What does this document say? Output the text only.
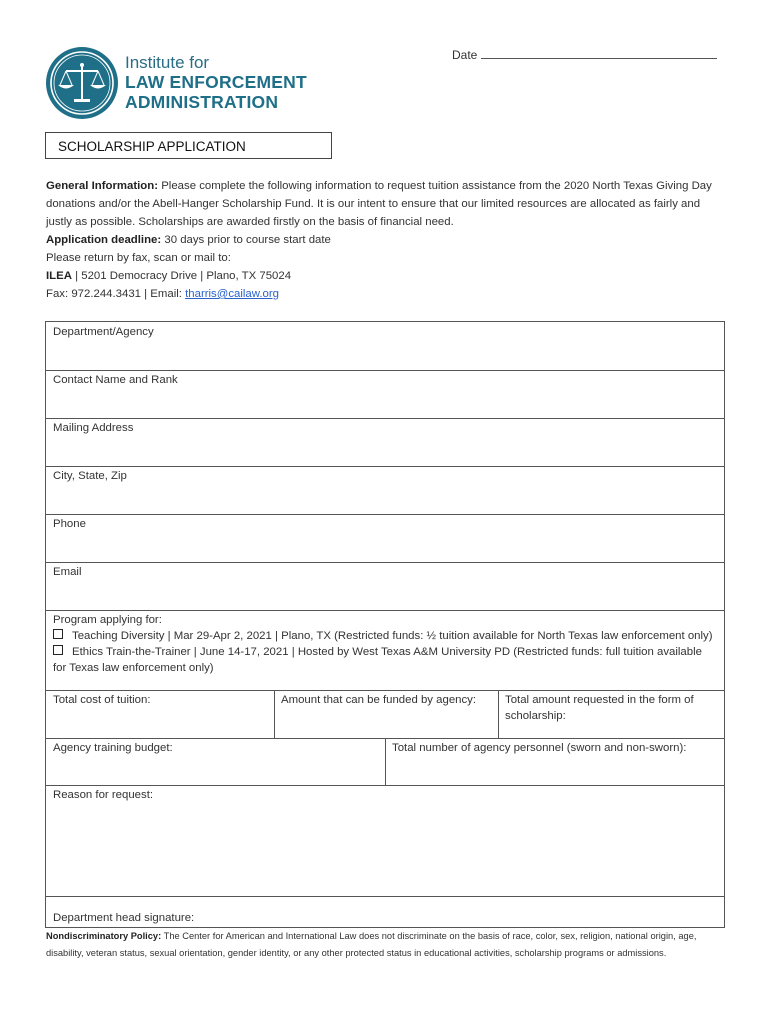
Institute for
LAW ENFORCEMENT
ADMINISTRATION
Date
SCHOLARSHIP APPLICATION
General Information: Please complete the following information to request tuition assistance from the 2020 North Texas Giving Day donations and/or the Abell-Hanger Scholarship Fund. It is our intent to ensure that our limited resources are allocated as fairly and justly as possible. Scholarships are awarded firstly on the basis of financial need.
Application deadline: 30 days prior to course start date
Please return by fax, scan or mail to:
ILEA | 5201 Democracy Drive | Plano, TX 75024
Fax: 972.244.3431 | Email: tharris@cailaw.org
Department/Agency
Contact Name and Rank
Mailing Address
City, State, Zip
Phone
Email
Program applying for:
Teaching Diversity | Mar 29-Apr 2, 2021 | Plano, TX (Restricted funds: ½ tuition available for North Texas law enforcement only)
Ethics Train-the-Trainer | June 14-17, 2021 | Hosted by West Texas A&M University PD (Restricted funds: full tuition available for Texas law enforcement only)
Total cost of tuition:	Amount that can be funded by agency:	Total amount requested in the form of scholarship:
Agency training budget:	Total number of agency personnel (sworn and non-sworn):
Reason for request:
Department head signature:
Nondiscriminatory Policy: The Center for American and International Law does not discriminate on the basis of race, color, sex, religion, national origin, age, disability, veteran status, sexual orientation, gender identity, or any other protected status in educational activities, scholarship programs or admissions.
